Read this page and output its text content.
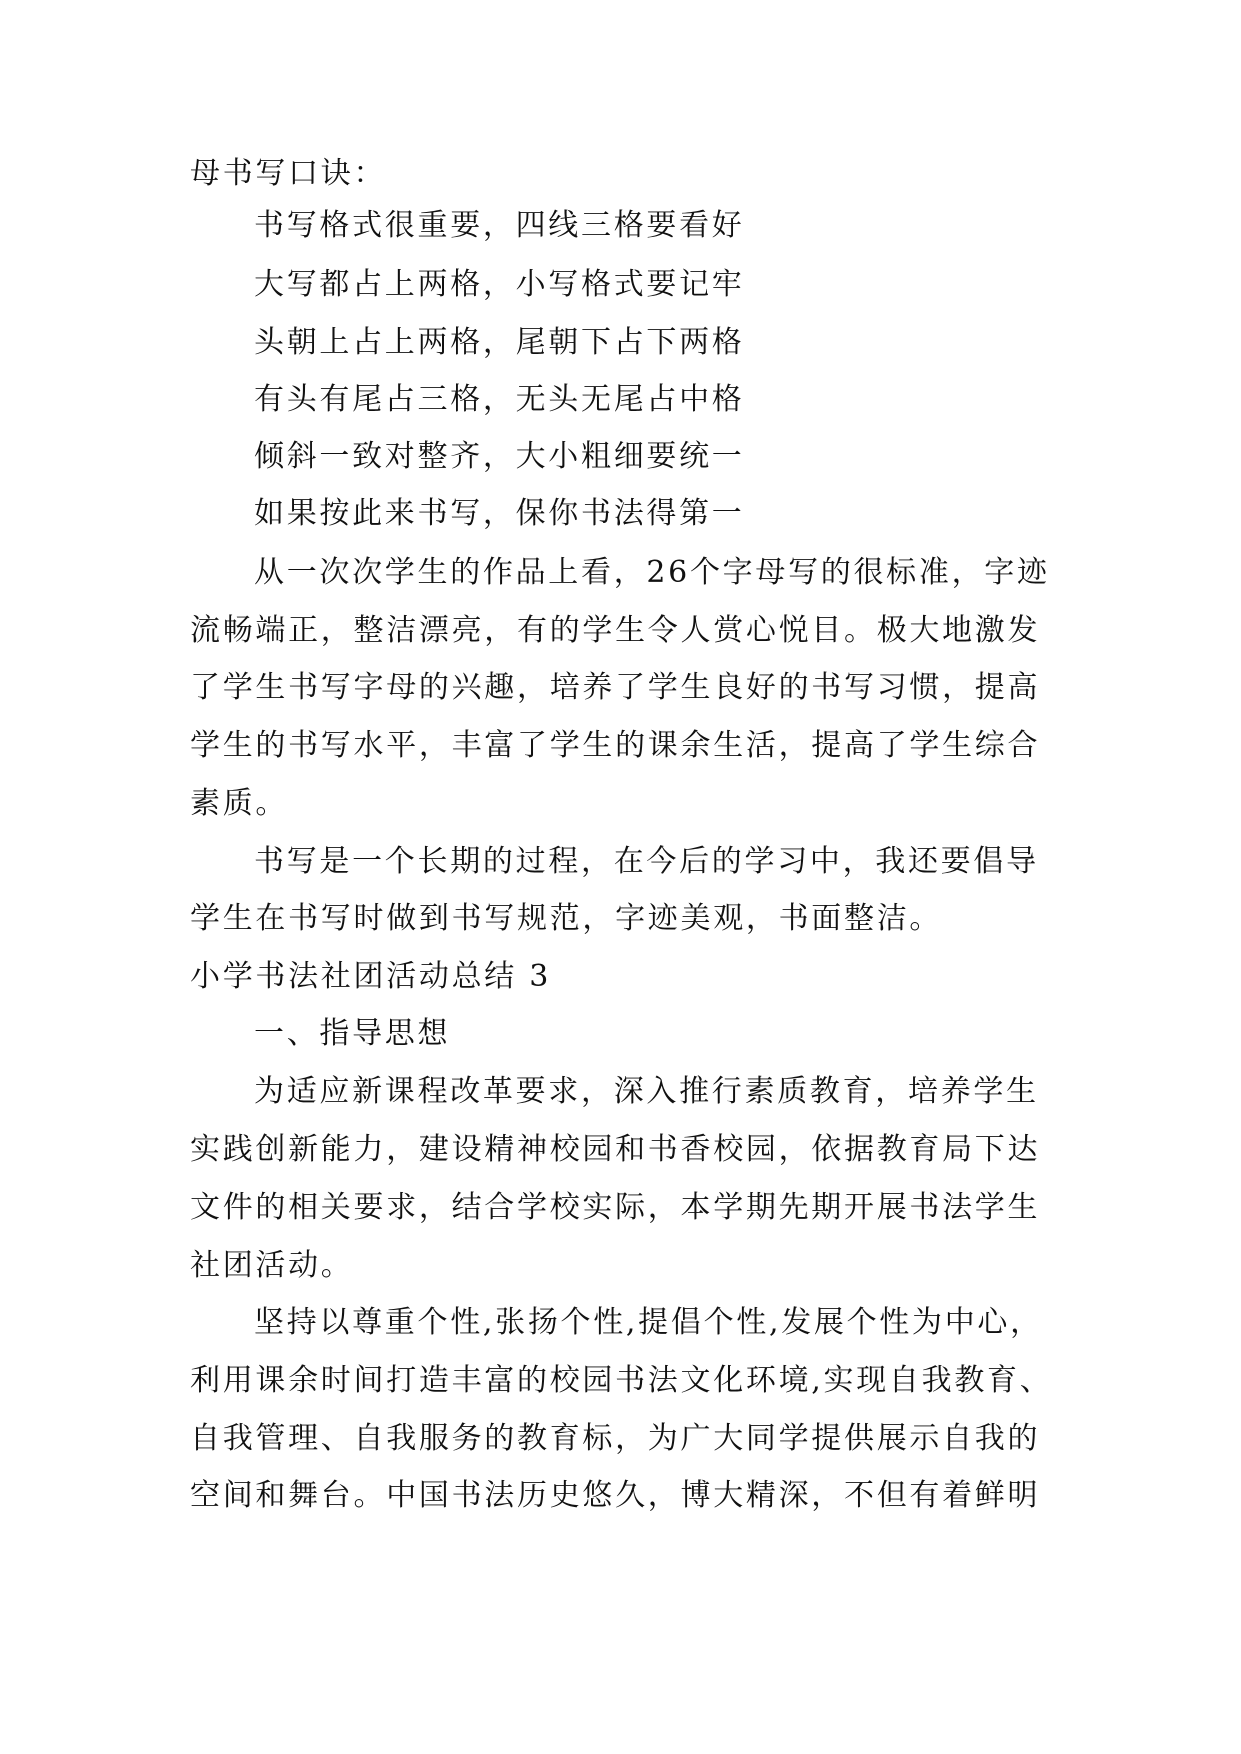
母书写口诀：
书写格式很重要，四线三格要看好
大写都占上两格，小写格式要记牢
头朝上占上两格，尾朝下占下两格
有头有尾占三格，无头无尾占中格
倾斜一致对整齐，大小粗细要统一
如果按此来书写，保你书法得第一
从一次次学生的作品上看，26个字母写的很标准，字迹
流畅端正，整洁漂亮，有的学生令人赏心悦目。极大地激发
了学生书写字母的兴趣，培养了学生良好的书写习惯，提高
学生的书写水平，丰富了学生的课余生活，提高了学生综合
素质。
书写是一个长期的过程，在今后的学习中，我还要倡导
学生在书写时做到书写规范，字迹美观，书面整洁。
小学书法社团活动总结 3
一、指导思想
为适应新课程改革要求，深入推行素质教育，培养学生
实践创新能力，建设精神校园和书香校园，依据教育局下达
文件的相关要求，结合学校实际，本学期先期开展书法学生
社团活动。
坚持以尊重个性,张扬个性,提倡个性,发展个性为中心，
利用课余时间打造丰富的校园书法文化环境,实现自我教育、
自我管理、自我服务的教育标，为广大同学提供展示自我的
空间和舞台。中国书法历史悠久，博大精深，不但有着鲜明
